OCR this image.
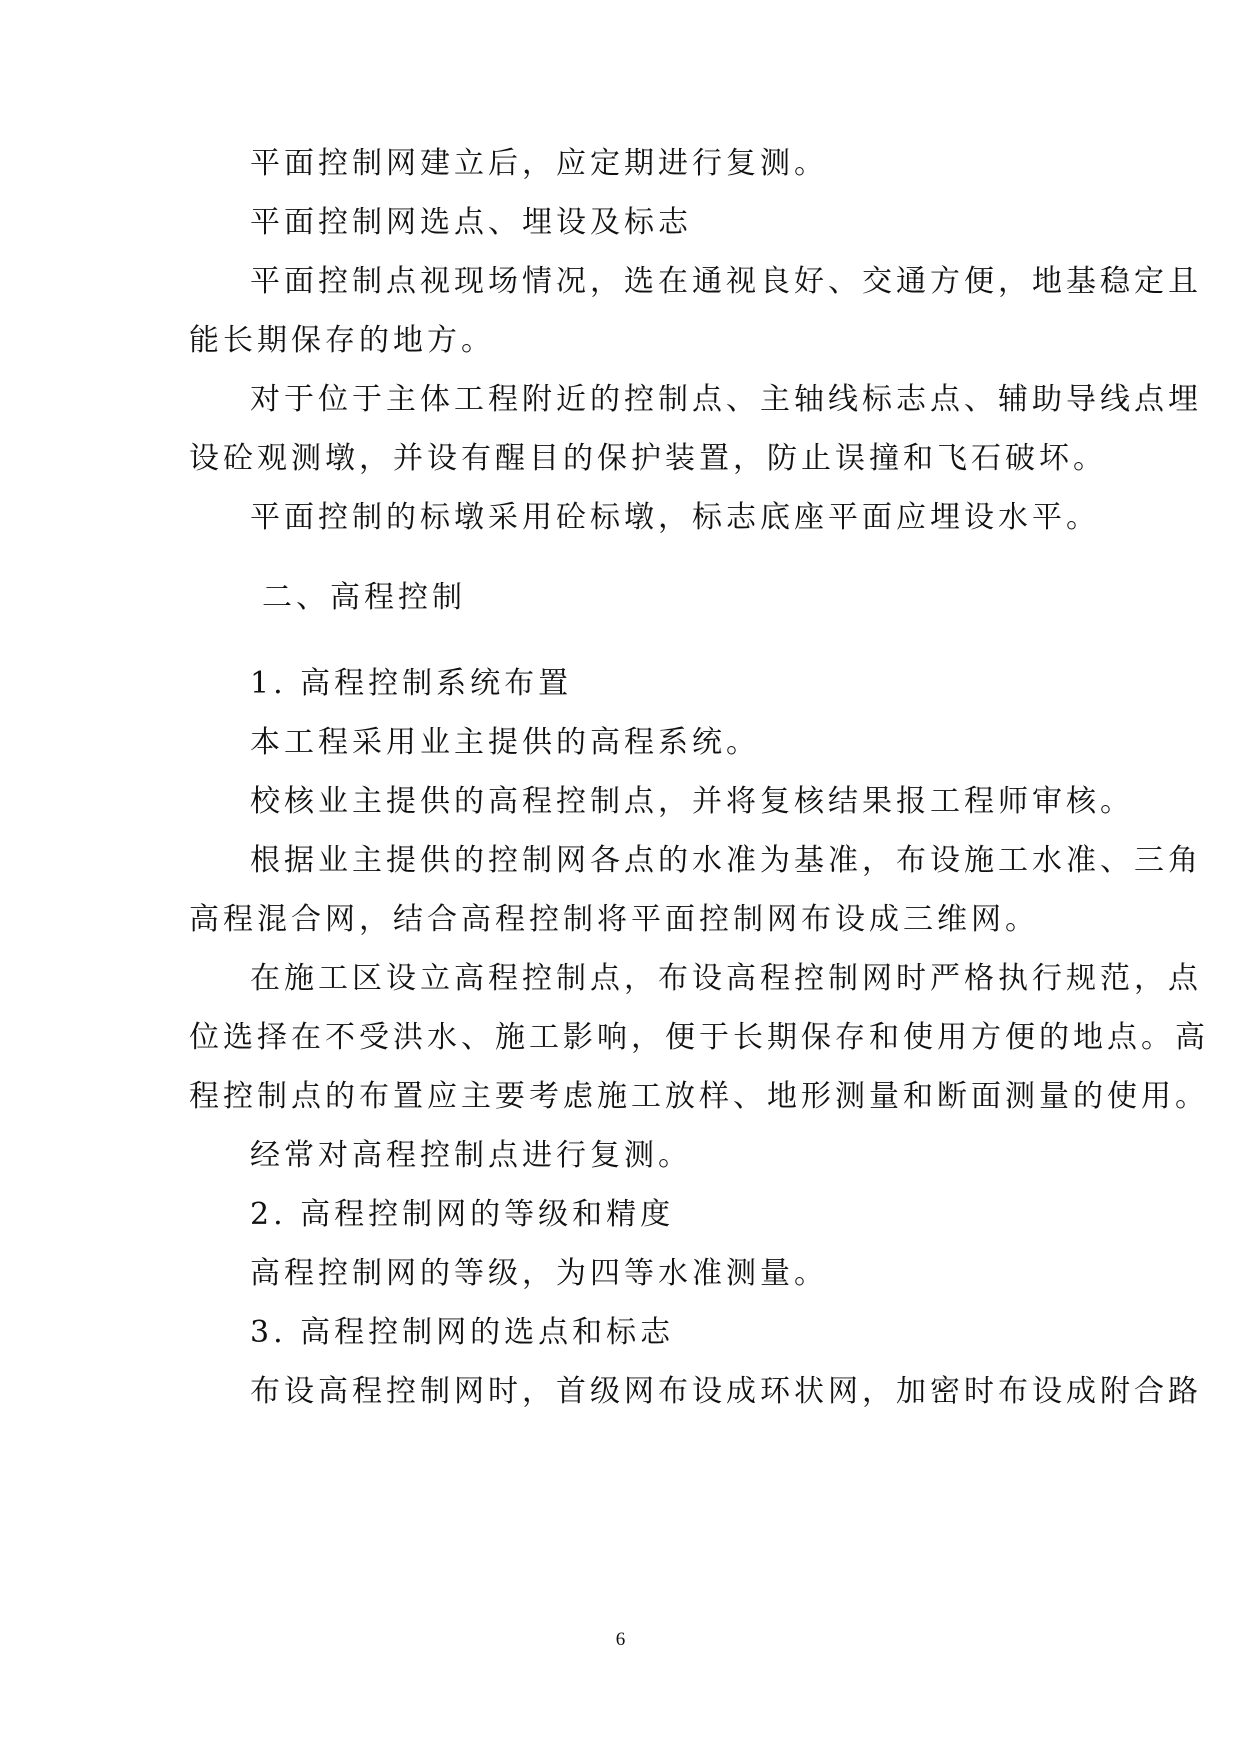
平面控制网建立后，应定期进行复测。
平面控制网选点、埋设及标志
平面控制点视现场情况，选在通视良好、交通方便，地基稳定且
能长期保存的地方。
对于位于主体工程附近的控制点、主轴线标志点、辅助导线点埋
设砼观测墩，并设有醒目的保护装置，防止误撞和飞石破坏。
平面控制的标墩采用砼标墩，标志底座平面应埋设水平。
二、高程控制
1. 高程控制系统布置
本工程采用业主提供的高程系统。
校核业主提供的高程控制点，并将复核结果报工程师审核。
根据业主提供的控制网各点的水准为基准，布设施工水准、三角
高程混合网，结合高程控制将平面控制网布设成三维网。
在施工区设立高程控制点，布设高程控制网时严格执行规范，点
位选择在不受洪水、施工影响，便于长期保存和使用方便的地点。高
程控制点的布置应主要考虑施工放样、地形测量和断面测量的使用。
经常对高程控制点进行复测。
2. 高程控制网的等级和精度
高程控制网的等级，为四等水准测量。
3. 高程控制网的选点和标志
布设高程控制网时，首级网布设成环状网，加密时布设成附合路
6
